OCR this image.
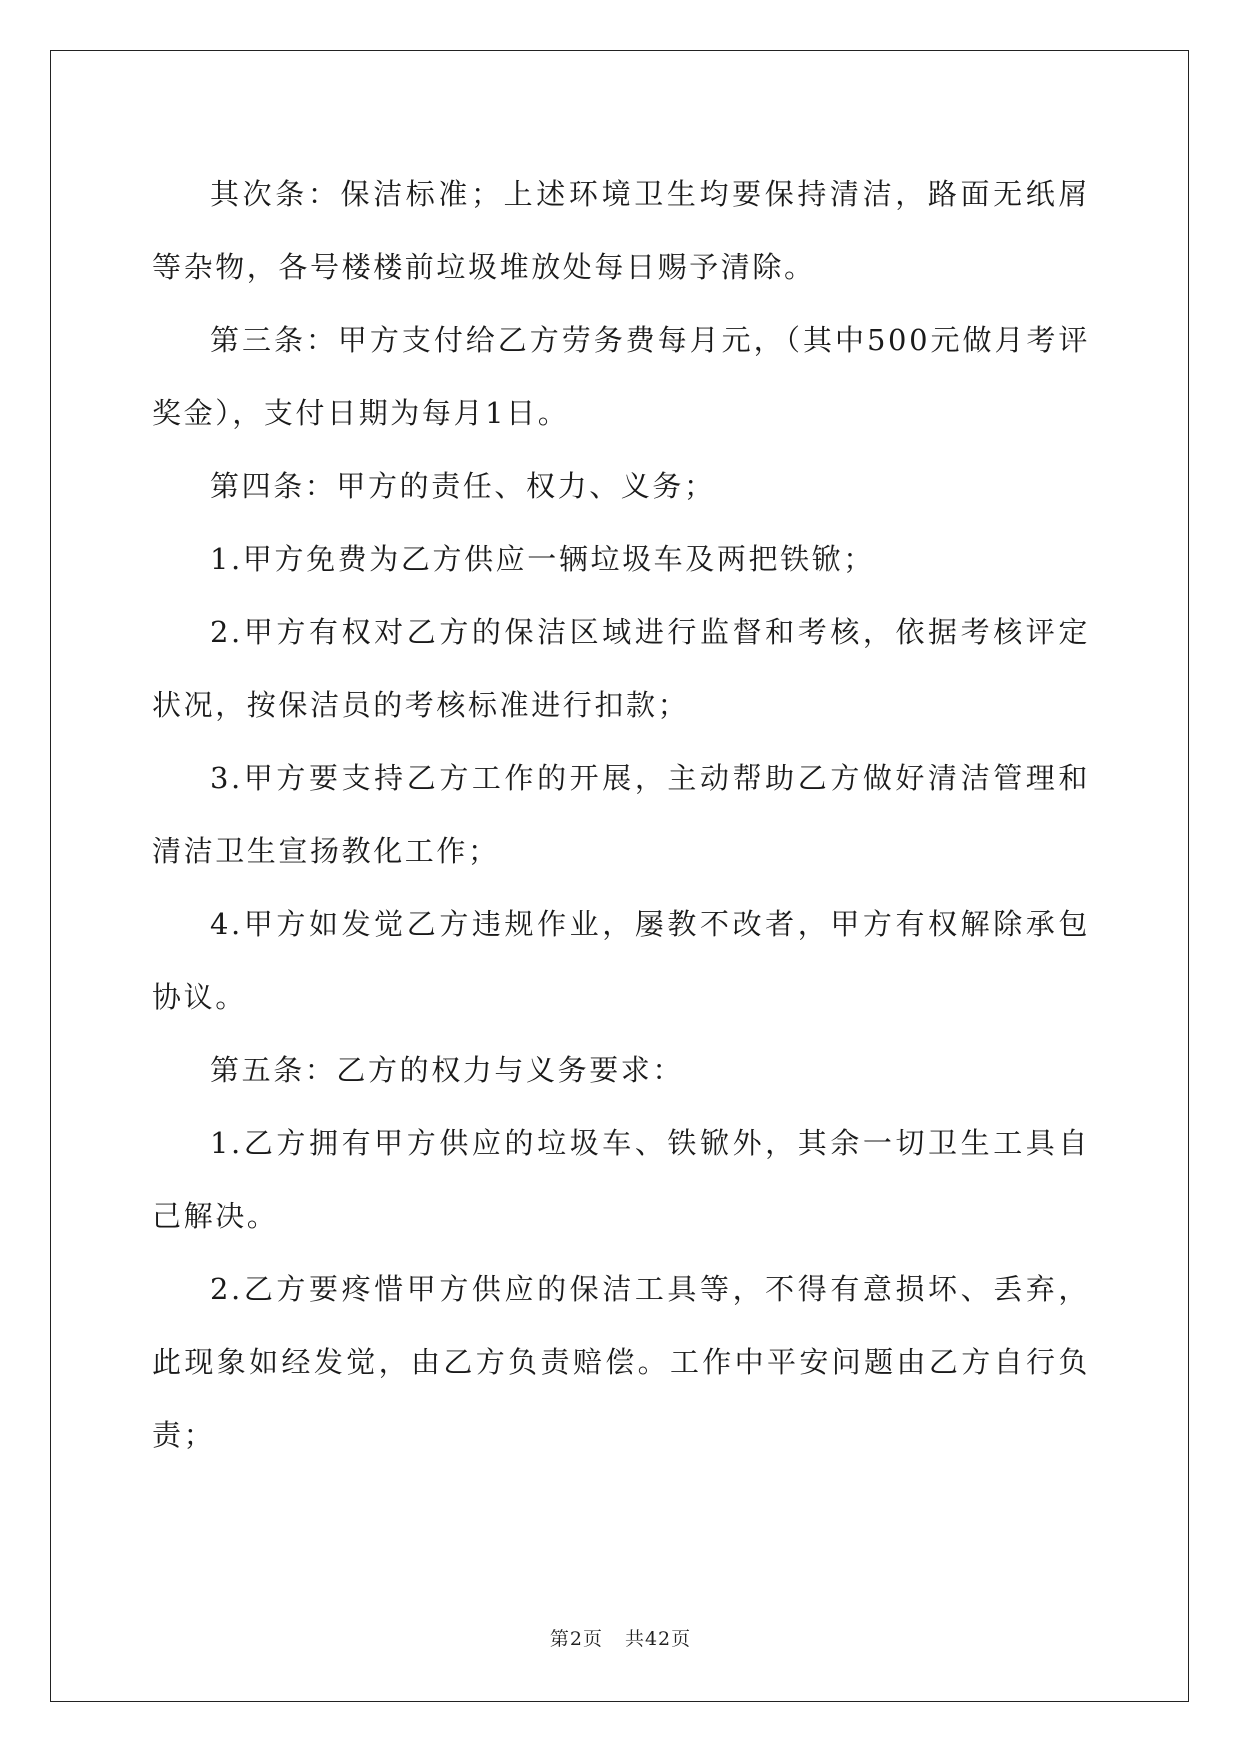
其次条：保洁标准；上述环境卫生均要保持清洁，路面无纸屑等杂物，各号楼楼前垃圾堆放处每日赐予清除。

第三条：甲方支付给乙方劳务费每月元，（其中500元做月考评奖金），支付日期为每月1日。

第四条：甲方的责任、权力、义务；

1.甲方免费为乙方供应一辆垃圾车及两把铁锨；

2.甲方有权对乙方的保洁区域进行监督和考核，依据考核评定状况，按保洁员的考核标准进行扣款；

3.甲方要支持乙方工作的开展，主动帮助乙方做好清洁管理和清洁卫生宣扬教化工作；

4.甲方如发觉乙方违规作业，屡教不改者，甲方有权解除承包协议。

第五条：乙方的权力与义务要求：

1.乙方拥有甲方供应的垃圾车、铁锨外，其余一切卫生工具自己解决。

2.乙方要疼惜甲方供应的保洁工具等，不得有意损坏、丢弃，此现象如经发觉，由乙方负责赔偿。工作中平安问题由乙方自行负责；

第2页 共42页
